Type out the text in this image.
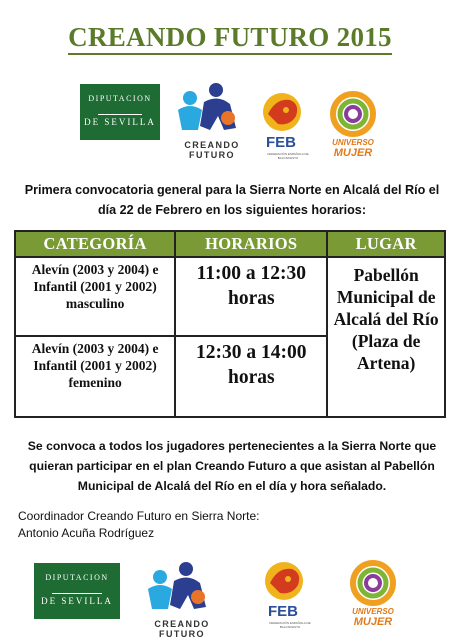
CREANDO FUTURO 2015
DIPUTACION
DE SEVILLA
CREANDO FUTURO
FEB
FEDERACIÓN ESPAÑOLA DE BALONCESTO
UNIVERSO
MUJER
Primera convocatoria general para la Sierra Norte en Alcalá del Río el día 22 de Febrero en los siguientes horarios:
CATEGORÍA	HORARIOS	LUGAR
Alevín (2003 y 2004) e Infantil (2001 y 2002) masculino	11:00 a 12:30 horas	Pabellón Municipal de Alcalá del Río (Plaza de Artena)
Alevín (2003 y 2004) e Infantil (2001 y 2002) femenino	12:30 a 14:00 horas	
Se convoca a todos los jugadores pertenecientes a la Sierra Norte que quieran participar en el plan Creando Futuro a que asistan al Pabellón Municipal de Alcalá del Río en el día y hora señalado.
Coordinador Creando Futuro en Sierra Norte:
Antonio Acuña Rodríguez
DIPUTACION
DE SEVILLA
CREANDO FUTURO
FEB
FEDERACIÓN ESPAÑOLA DE BALONCESTO
UNIVERSO
MUJER
